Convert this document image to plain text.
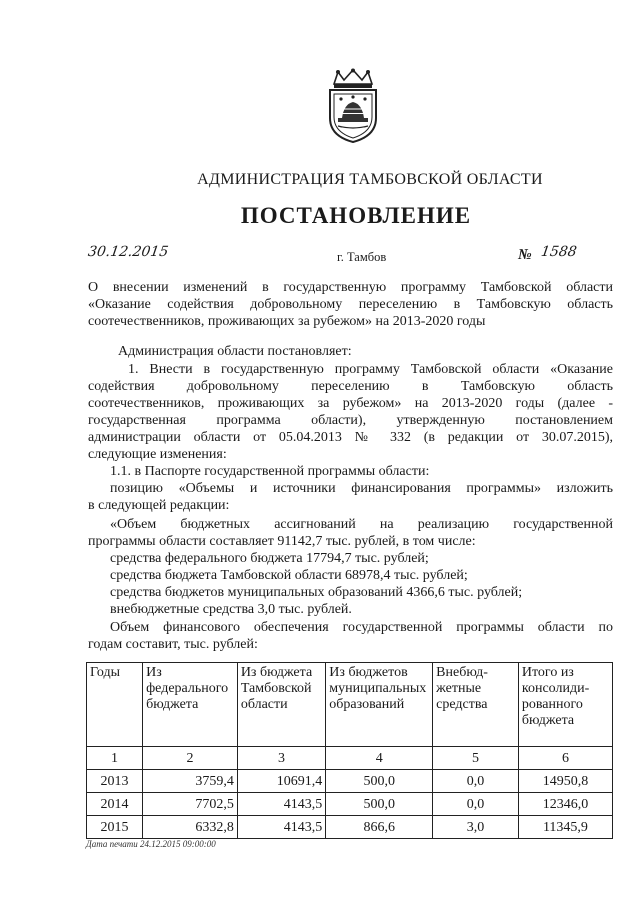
АДМИНИСТРАЦИЯ ТАМБОВСКОЙ ОБЛАСТИ
ПОСТАНОВЛЕНИЕ
30.12.2015	г. Тамбов	№ 1588
О внесении изменений в государственную программу Тамбовской области
«Оказание содействия добровольному переселению в Тамбовскую область
соотечественников, проживающих за рубежом» на 2013-2020 годы
Администрация области постановляет:
1. Внести в государственную программу Тамбовской области «Оказание
содействия добровольному переселению в Тамбовскую область
соотечественников, проживающих за рубежом» на 2013-2020 годы (далее -
государственная программа области), утвержденную постановлением
администрации области от 05.04.2013 № 332 (в редакции от 30.07.2015),
следующие изменения:
1.1. в Паспорте государственной программы области:
позицию «Объемы и источники финансирования программы» изложить
в следующей редакции:
«Объем бюджетных ассигнований на реализацию государственной
программы области составляет 91142,7 тыс. рублей, в том числе:
средства федерального бюджета 17794,7 тыс. рублей;
средства бюджета Тамбовской области 68978,4 тыс. рублей;
средства бюджетов муниципальных образований 4366,6 тыс. рублей;
внебюджетные средства 3,0 тыс. рублей.
Объем финансового обеспечения государственной программы области по
годам составит, тыс. рублей:
Годы	Из федерального бюджета	Из бюджета Тамбовской области	Из бюджетов муниципальных образований	Внебюд-жетные средства	Итого из консолиди-рованного бюджета
1	2	3	4	5	6
2013	3759,4	10691,4	500,0	0,0	14950,8
2014	7702,5	4143,5	500,0	0,0	12346,0
2015	6332,8	4143,5	866,6	3,0	11345,9
Дата печати 24.12.2015 09:00:00
